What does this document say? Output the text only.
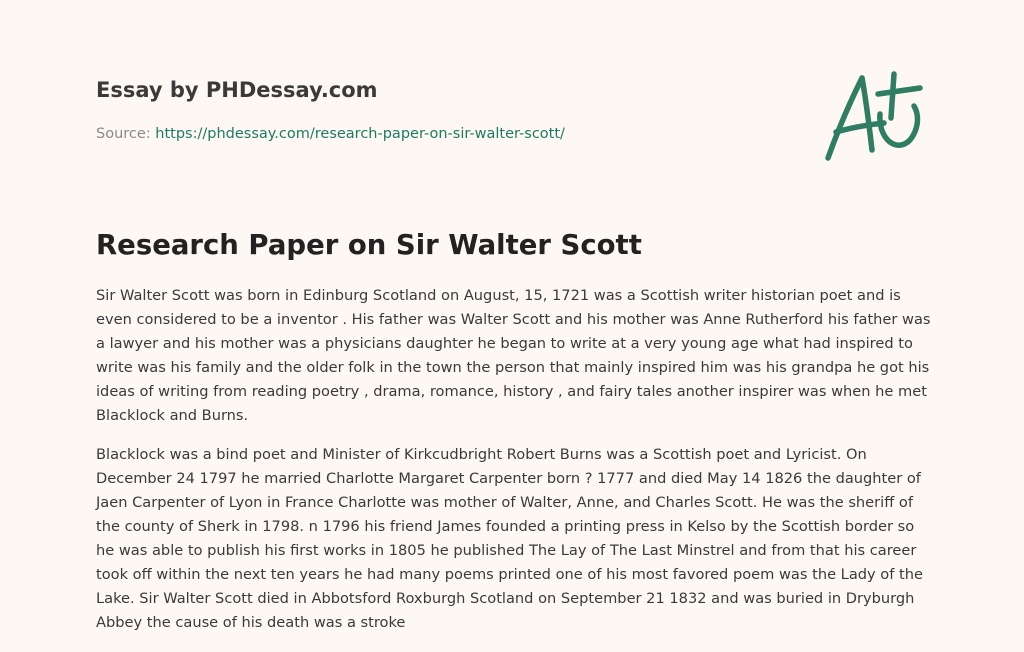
Essay by PHDessay.com
Source: https://phdessay.com/research-paper-on-sir-walter-scott/
Research Paper on Sir Walter Scott

Sir Walter Scott was born in Edinburg Scotland on August, 15, 1721 was a Scottish writer historian poet and is even considered to be a inventor . His father was Walter Scott and his mother was Anne Rutherford his father was a lawyer and his mother was a physicians daughter he began to write at a very young age what had inspired to write was his family and the older folk in the town the person that mainly inspired him was his grandpa he got his ideas of writing from reading poetry , drama, romance, history , and fairy tales another inspirer was when he met Blacklock and Burns.

Blacklock was a bind poet and Minister of Kirkcudbright Robert Burns was a Scottish poet and Lyricist. On December 24 1797 he married Charlotte Margaret Carpenter born ? 1777 and died May 14 1826 the daughter of Jaen Carpenter of Lyon in France Charlotte was mother of Walter, Anne, and Charles Scott. He was the sheriff of the county of Sherk in 1798. n 1796 his friend James founded a printing press in Kelso by the Scottish border so he was able to publish his first works in 1805 he published The Lay of The Last Minstrel and from that his career took off within the next ten years he had many poems printed one of his most favored poem was the Lady of the Lake. Sir Walter Scott died in Abbotsford Roxburgh Scotland on September 21 1832 and was buried in Dryburgh Abbey the cause of his death was a stroke
